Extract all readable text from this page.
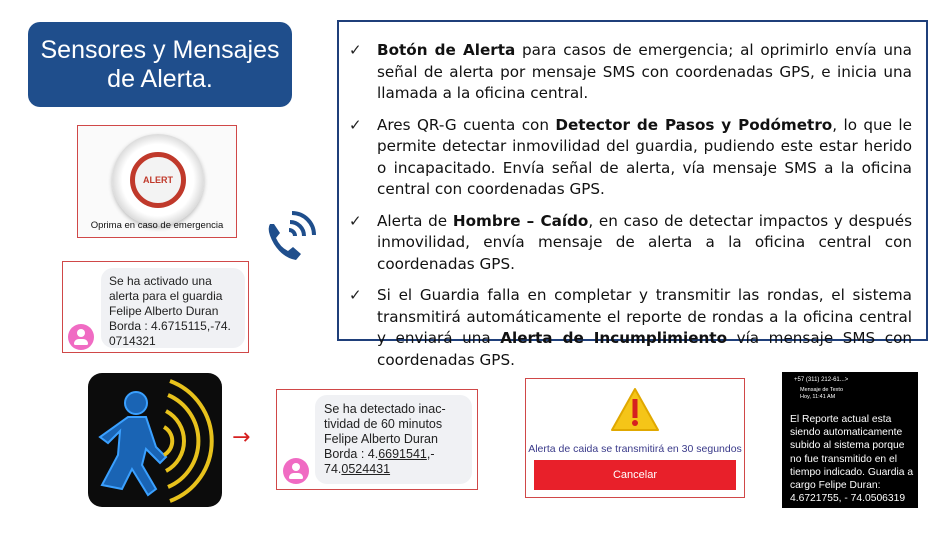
Sensores y Mensajes
de Alerta.
✓	Botón de Alerta para casos de emergencia; al oprimirlo envía una señal de alerta por mensaje SMS con coordenadas GPS, e inicia una llamada a la oficina central.
✓	Ares QR-G cuenta con Detector de Pasos y Podómetro, lo que le permite detectar inmovilidad del guardia, pudiendo este estar herido o incapacitado. Envía señal de alerta, vía mensaje SMS a la oficina central con coordenadas GPS.
✓	Alerta de Hombre – Caído, en caso de detectar impactos y después inmovilidad, envía mensaje de alerta a la oficina central con coordenadas GPS.
✓	Si el Guardia falla en completar y transmitir las rondas, el sistema transmitirá automáticamente el reporte de rondas a la oficina central y enviará una Alerta de Incumplimiento vía mensaje SMS con coordenadas GPS.
ALERT
Oprima en caso de emergencia
Se ha activado una
alerta para el guardia
Felipe Alberto Duran
Borda : 4.6715115,-74.
0714321
→
Se ha detectado inac-
tividad de 60 minutos
Felipe Alberto Duran
Borda : 4.6691541,-
74.0524431
Alerta de caida se transmitirá en 30 segundos
Cancelar
+57 (311) 212-61...>
Mensaje de Texto
Hoy, 11:41 AM
El Reporte actual esta siendo automaticamente subido al sistema porque no fue transmitido en el tiempo indicado. Guardia a cargo Felipe Duran: 4.6721755, - 74.0506319
